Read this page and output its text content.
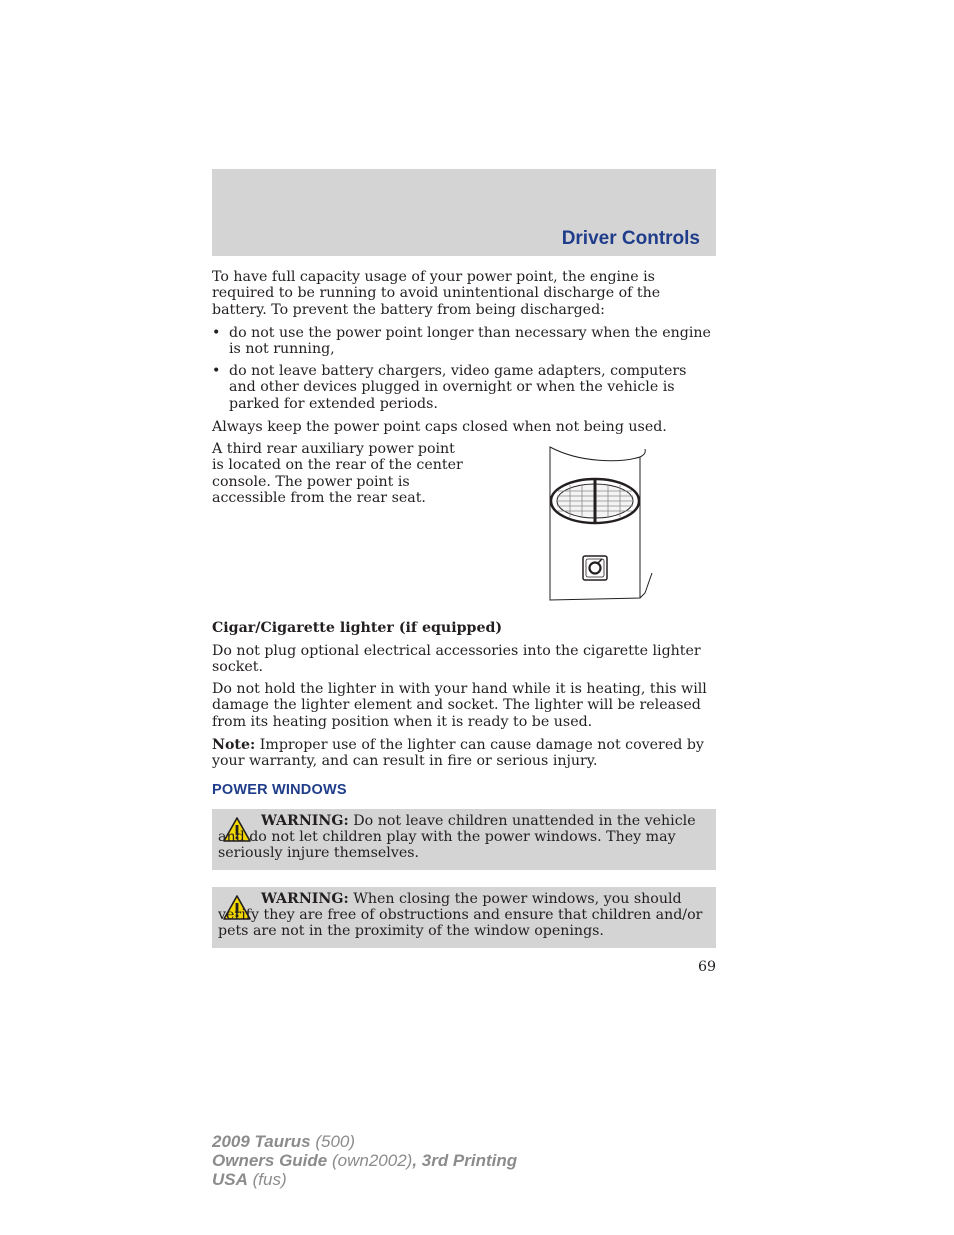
Driver Controls

To have full capacity usage of your power point, the engine is required to be running to avoid unintentional discharge of the battery. To prevent the battery from being discharged:

• do not use the power point longer than necessary when the engine is not running,
• do not leave battery chargers, video game adapters, computers and other devices plugged in overnight or when the vehicle is parked for extended periods.

Always keep the power point caps closed when not being used.

A third rear auxiliary power point is located on the rear of the center console. The power point is accessible from the rear seat.

Cigar/Cigarette lighter (if equipped)

Do not plug optional electrical accessories into the cigarette lighter socket.

Do not hold the lighter in with your hand while it is heating, this will damage the lighter element and socket. The lighter will be released from its heating position when it is ready to be used.

Note: Improper use of the lighter can cause damage not covered by your warranty, and can result in fire or serious injury.

POWER WINDOWS
WARNING: Do not leave children unattended in the vehicle and do not let children play with the power windows. They may seriously injure themselves.
WARNING: When closing the power windows, you should verify they are free of obstructions and ensure that children and/or pets are not in the proximity of the window openings.
69
2009 Taurus (500)
Owners Guide (own2002), 3rd Printing
USA (fus)
